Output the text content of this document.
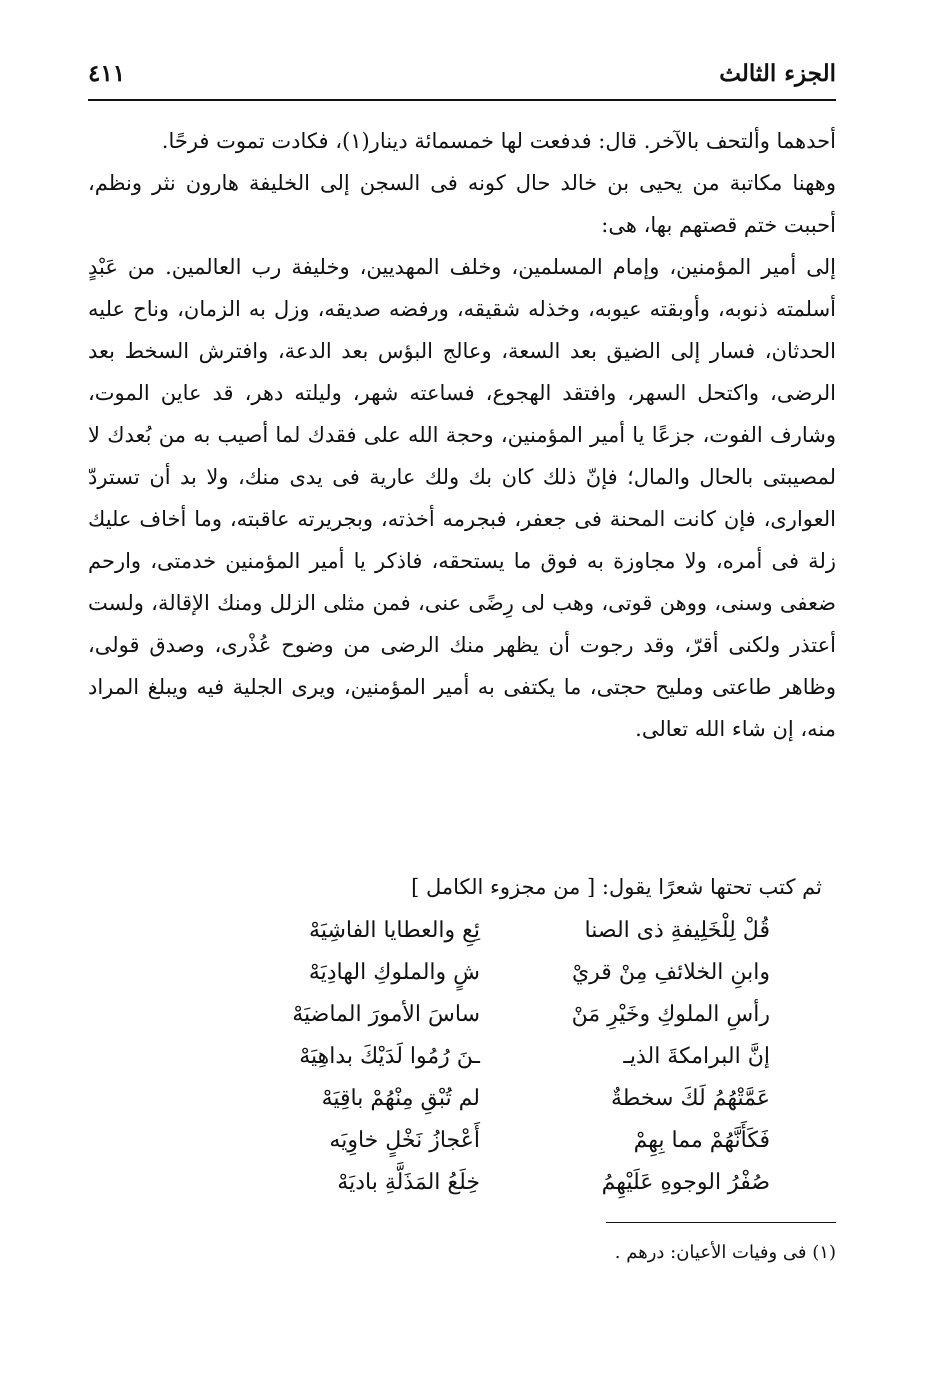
الجزء الثالث
٤١١

أحدهما وألتحف بالآخر. قال: فدفعت لها خمسمائة دينار(١)، فكادت تموت فرحًا.

وههنا مكاتبة من يحيى بن خالد حال كونه فى السجن إلى الخليفة هارون نثر ونظم، أحببت ختم قصتهم بها، هى:

إلى أمير المؤمنين، وإمام المسلمين، وخلف المهديين، وخليفة رب العالمين. من عَبْدٍ أسلمته ذنوبه، وأوبقته عيوبه، وخذله شقيقه، ورفضه صديقه، وزل به الزمان، وناح عليه الحدثان، فسار إلى الضيق بعد السعة، وعالج البؤس بعد الدعة، وافترش السخط بعد الرضى، واكتحل السهر، وافتقد الهجوع، فساعته شهر، وليلته دهر، قد عاين الموت، وشارف الفوت، جزعًا يا أمير المؤمنين، وحجة الله على فقدك لما أصيب به من بُعدك لا لمصيبتى بالحال والمال؛ فإنّ ذلك كان بك ولك عارية فى يدى منك، ولا بد أن تستردّ العوارى، فإن كانت المحنة فى جعفر، فبجرمه أخذته، وبجريرته عاقبته، وما أخاف عليك زلة فى أمره، ولا مجاوزة به فوق ما يستحقه، فاذكر يا أمير المؤمنين خدمتى، وارحم ضعفى وسنى، ووهن قوتى، وهب لى رِضًى عنى، فمن مثلى الزلل ومنك الإقالة، ولست أعتذر ولكنى أقرّ، وقد رجوت أن يظهر منك الرضى من وضوح عُذْرى، وصدق قولى، وظاهر طاعتى ومليح حجتى، ما يكتفى به أمير المؤمنين، ويرى الجلية فيه ويبلغ المراد منه، إن شاء الله تعالى.

ثم كتب تحتها شعرًا يقول: [ من مجزوء الكامل ]
قُلْ لِلْخَلِيفةِ ذى الصنا
ئِعِ والعطايا الفاشِيَهْ
وابنِ الخلائفِ مِنْ قريْ
شٍ والملوكِ الهادِيَهْ
رأسِ الملوكِ وخَيْرِ مَنْ
ساسَ الأمورَ الماضيَهْ
إنَّ البرامكةَ الذيـ
ـنَ رُمُوا لَدَيْكَ بداهِيَهْ
عَمَّتْهُمُ لَكَ سخطةٌ
لم تُبْقِ مِنْهُمْ باقِيَهْ
فَكَأَنَّهُمْ مما بِهِمْ
أَعْجازُ نَخْلٍ خاوِيَه
صُفْرُ الوجوهِ عَلَيْهِمُ
خِلَعُ المَذَلَّةِ باديَهْ
(١) فى وفيات الأعيان: درهم .
